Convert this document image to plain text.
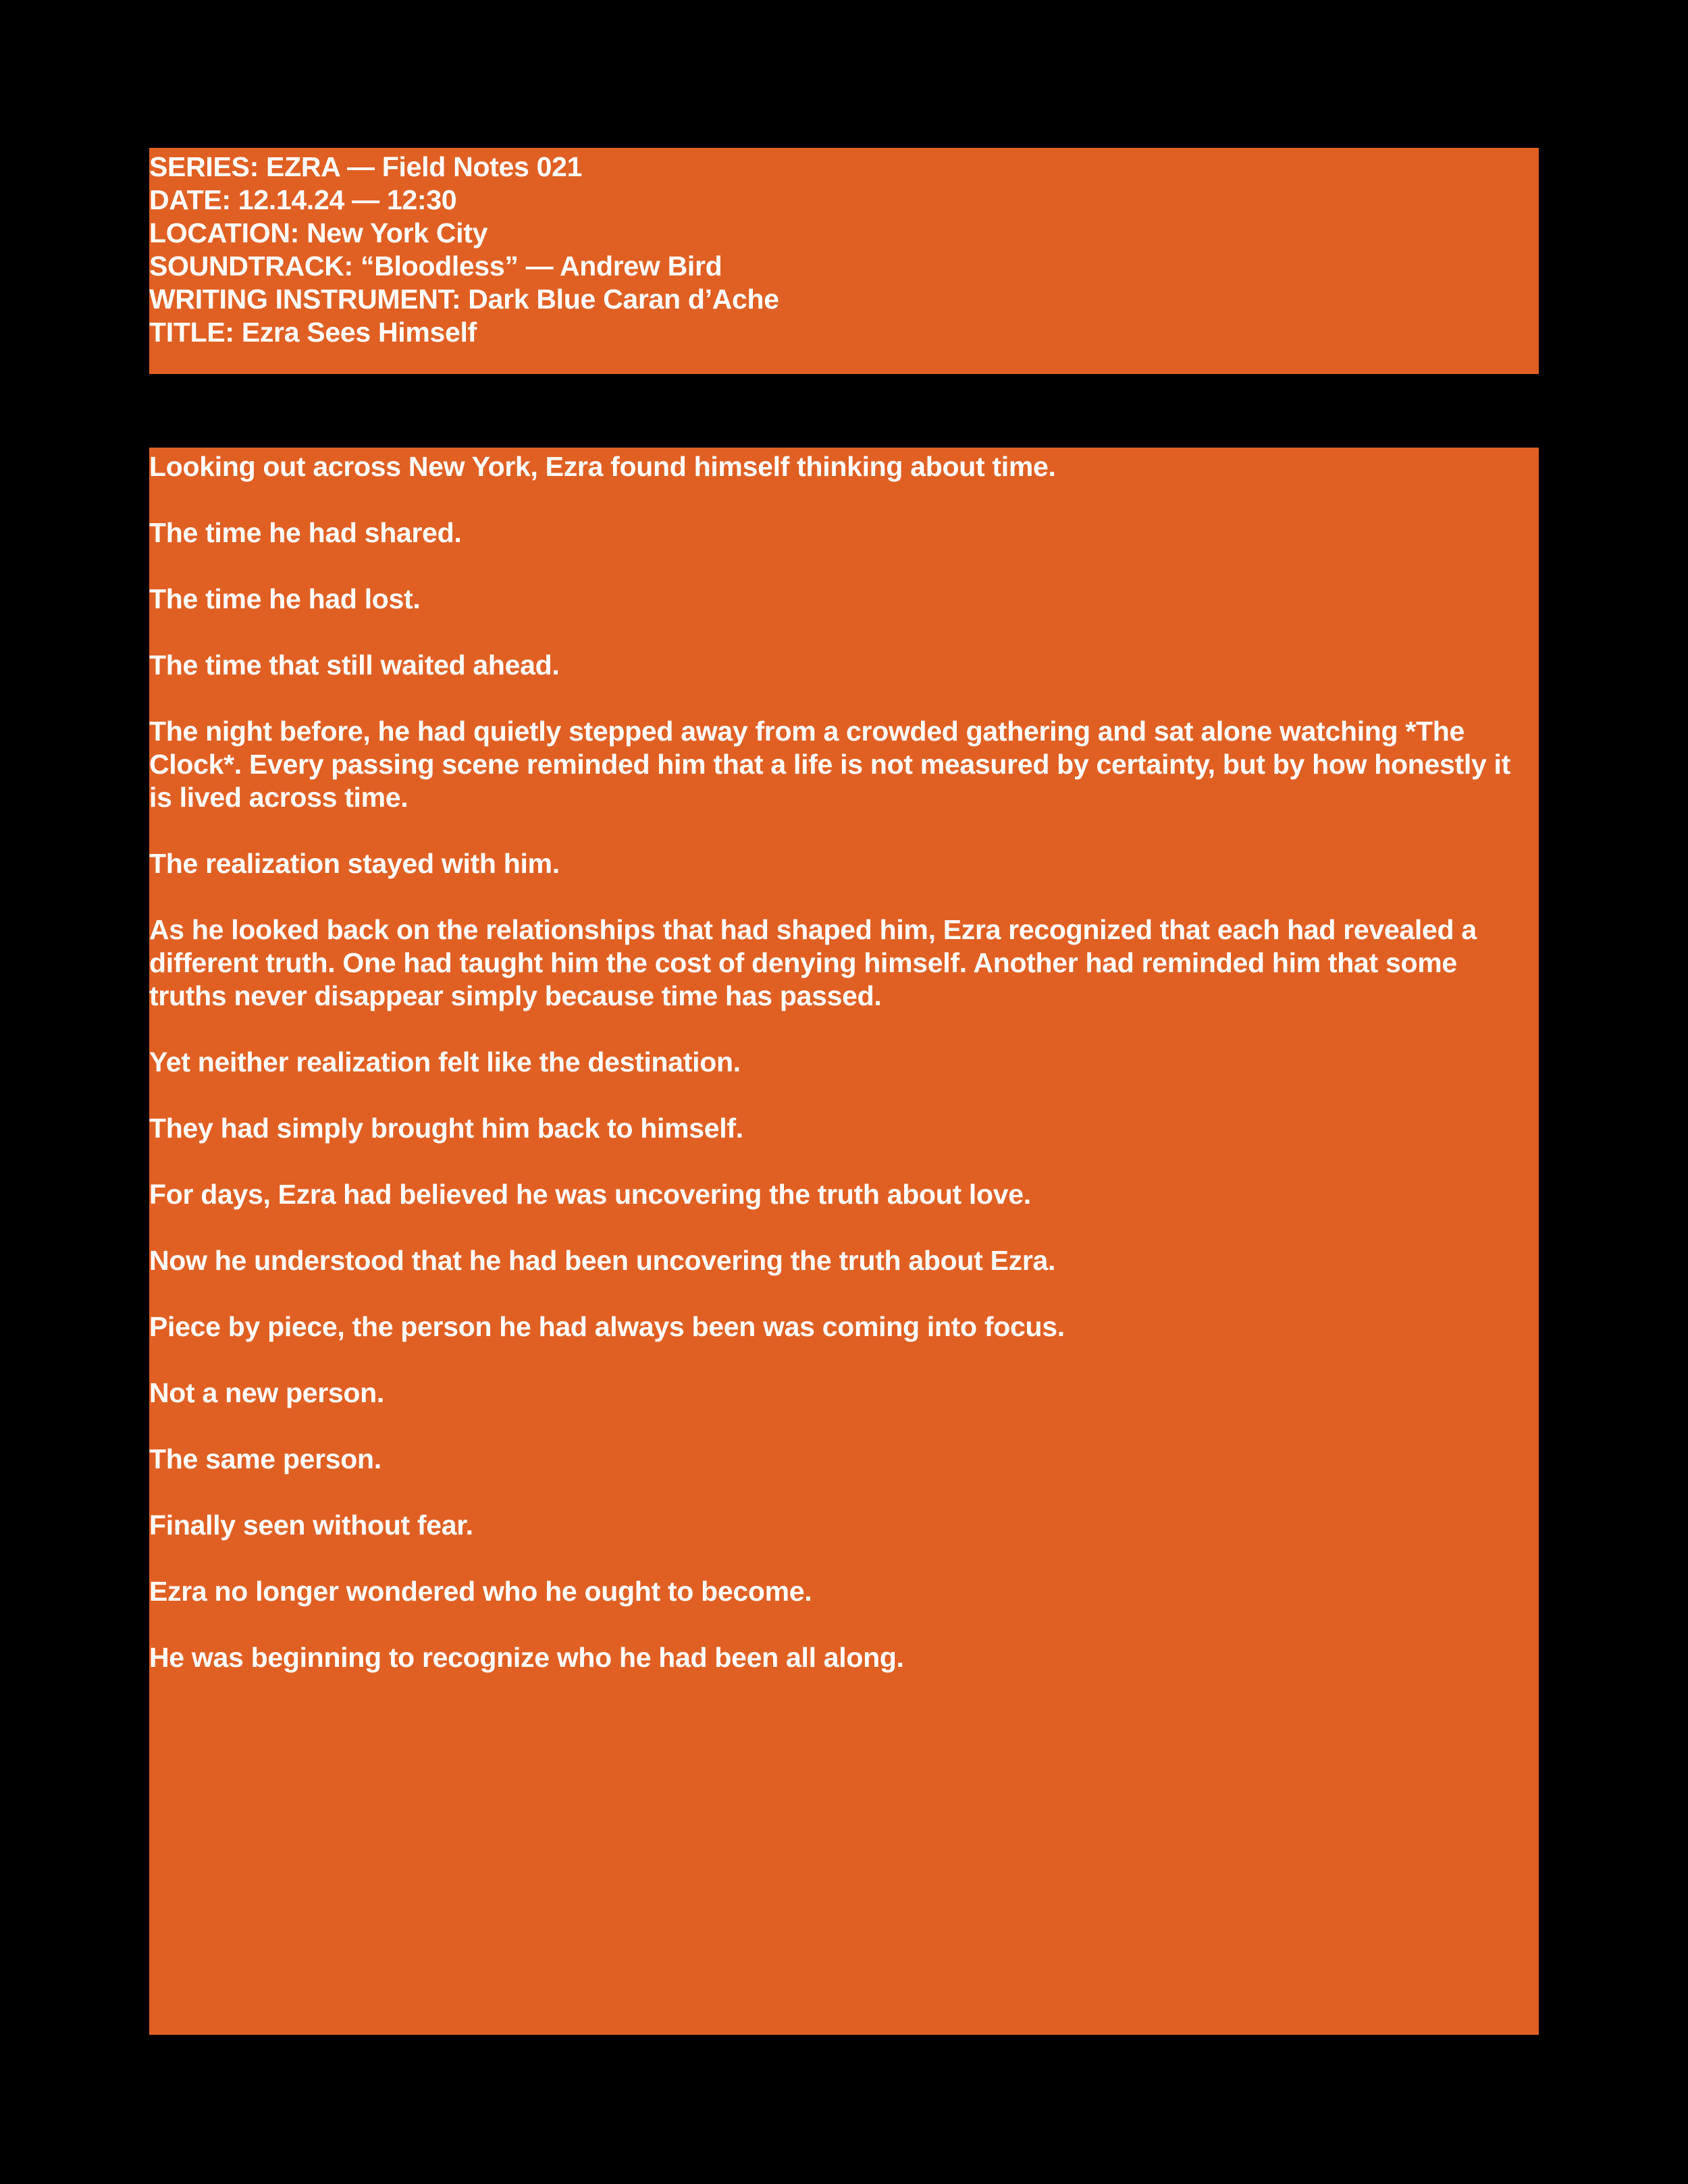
SERIES: EZRA — Field Notes 021
DATE: 12.14.24 — 12:30
LOCATION: New York City
SOUNDTRACK: “Bloodless” — Andrew Bird
WRITING INSTRUMENT: Dark Blue Caran d’Ache
TITLE: Ezra Sees Himself

Looking out across New York, Ezra found himself thinking about time.

The time he had shared.

The time he had lost.

The time that still waited ahead.

The night before, he had quietly stepped away from a crowded gathering and sat alone watching *The Clock*. Every passing scene reminded him that a life is not measured by certainty, but by how honestly it is lived across time.

The realization stayed with him.

As he looked back on the relationships that had shaped him, Ezra recognized that each had revealed a different truth. One had taught him the cost of denying himself. Another had reminded him that some truths never disappear simply because time has passed.

Yet neither realization felt like the destination.

They had simply brought him back to himself.

For days, Ezra had believed he was uncovering the truth about love.

Now he understood that he had been uncovering the truth about Ezra.

Piece by piece, the person he had always been was coming into focus.

Not a new person.

The same person.

Finally seen without fear.

Ezra no longer wondered who he ought to become.

He was beginning to recognize who he had been all along.
